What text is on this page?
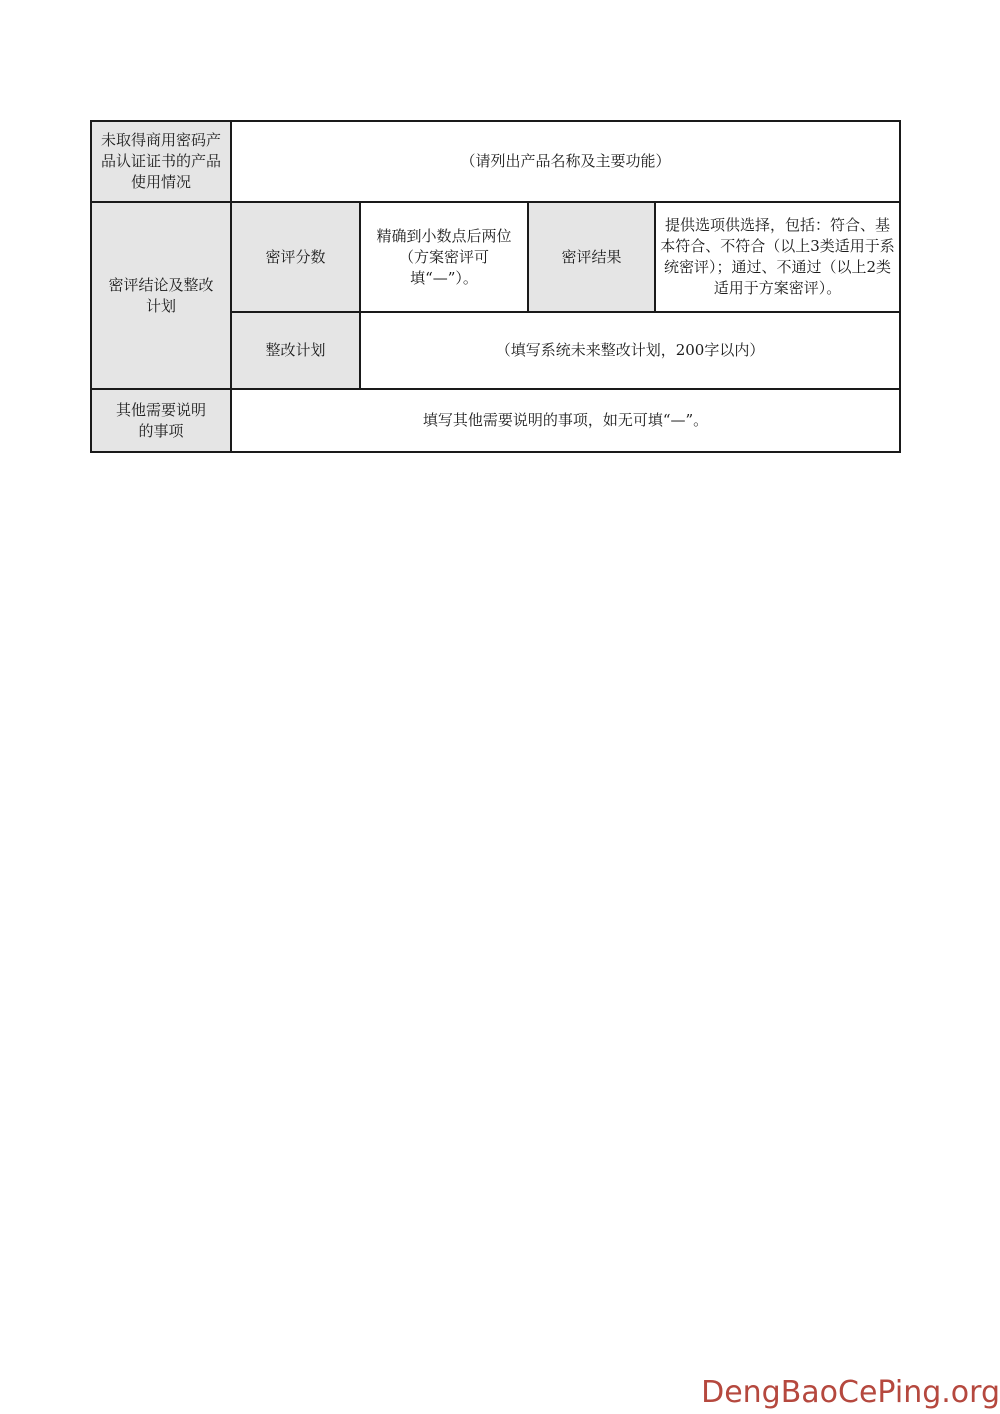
未取得商用密码产品认证证书的产品使用情况	（请列出产品名称及主要功能）			
密评结论及整改计划	密评分数	精确到小数点后两位（方案密评可填“—”）。	密评结果	提供选项供选择，包括：符合、基本符合、不符合（以上3类适用于系统密评）；通过、不通过（以上2类适用于方案密评）。
	整改计划	（填写系统未来整改计划，200字以内）		
其他需要说明的事项	填写其他需要说明的事项，如无可填“—”。			
DengBaoCePing.org
